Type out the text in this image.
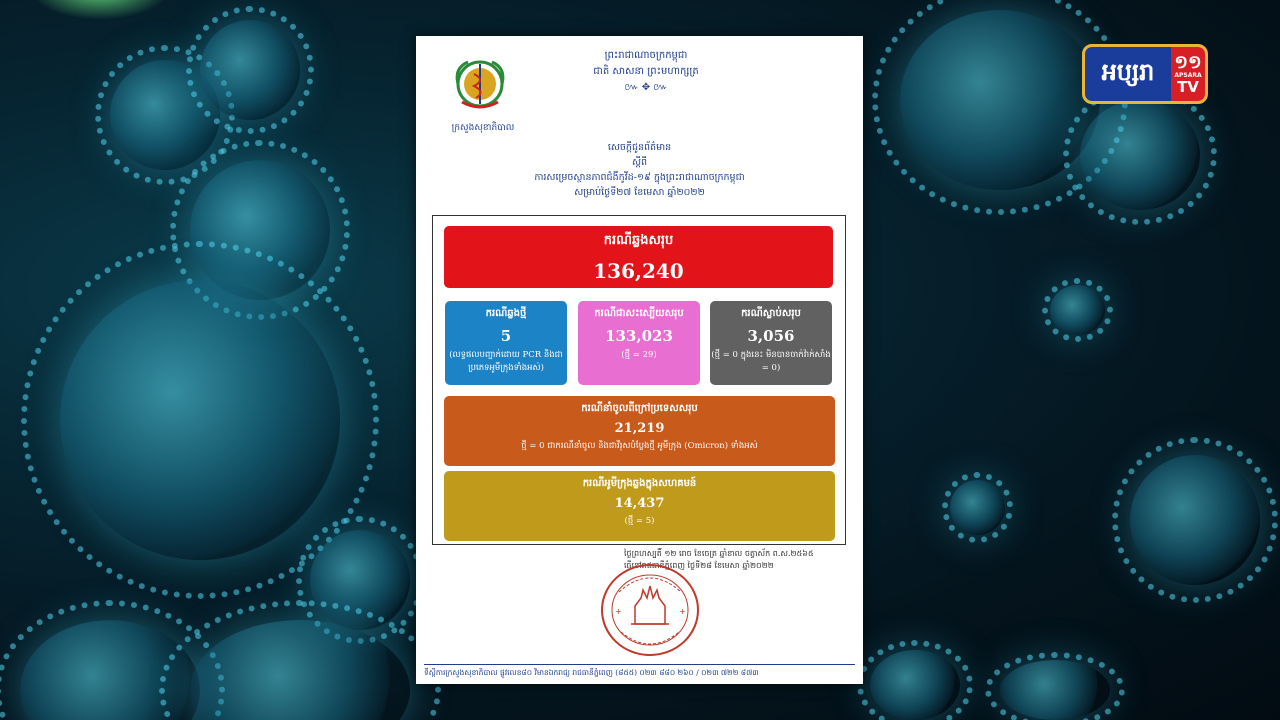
អប្សរា	១១
APSARA
TV
ក្រសួងសុខាភិបាល
ព្រះរាជាណាចក្រកម្ពុជា
ជាតិ សាសនា ព្រះមហាក្សត្រ
៚ ✥ ៚
សេចក្តីជូនព័ត៌មាន
ស្តីពី
ការសម្រេចស្ថានភាពជំងឺកូវីដ-១៩ ក្នុងព្រះរាជាណាចក្រកម្ពុជា
សម្រាប់ថ្ងៃទី២៧ ខែមេសា ឆ្នាំ២០២២
ករណីឆ្លងសរុប
136,240
ករណីឆ្លងថ្មី
5
(លទ្ធផលបញ្ជាក់ដោយ PCR និងជាប្រភេទអូមីក្រុងទាំងអស់)
ករណីជាសះស្បើយសរុប
133,023
(ថ្មី = 29)
ករណីស្លាប់សរុប
3,056
(ថ្មី = 0 ក្នុងនេះ មិនបានចាក់វ៉ាក់សាំង = 0)
ករណីនាំចូលពីក្រៅប្រទេសសរុប
21,219
ថ្មី = 0 ជាករណីនាំចូល និងជាវីរុសបំប្លែងថ្មី អូមីក្រុង (Omicron) ទាំងអស់
ករណីអូមីក្រុងឆ្លងក្នុងសហគមន៍
14,437
(ថ្មី = 5)
ថ្ងៃព្រហស្បតិ៍ ១២ រោច ខែចេត្រ ឆ្នាំខាល ចត្វាស័ក ព.ស.២៥៦៥
ធ្វើនៅរាជធានីភ្នំពេញ ថ្ងៃទី២៨ ខែមេសា ឆ្នាំ២០២២
+	+
ទីស្តីការក្រសួងសុខាភិបាល ផ្លូវលេខ៨០ វិមានឯករាជ្យ រាជធានីភ្នំពេញ (៨៥៥) ០២៣ ៨៨០ ២៦០ / ០២៣ ៧២២ ៨៧៣
